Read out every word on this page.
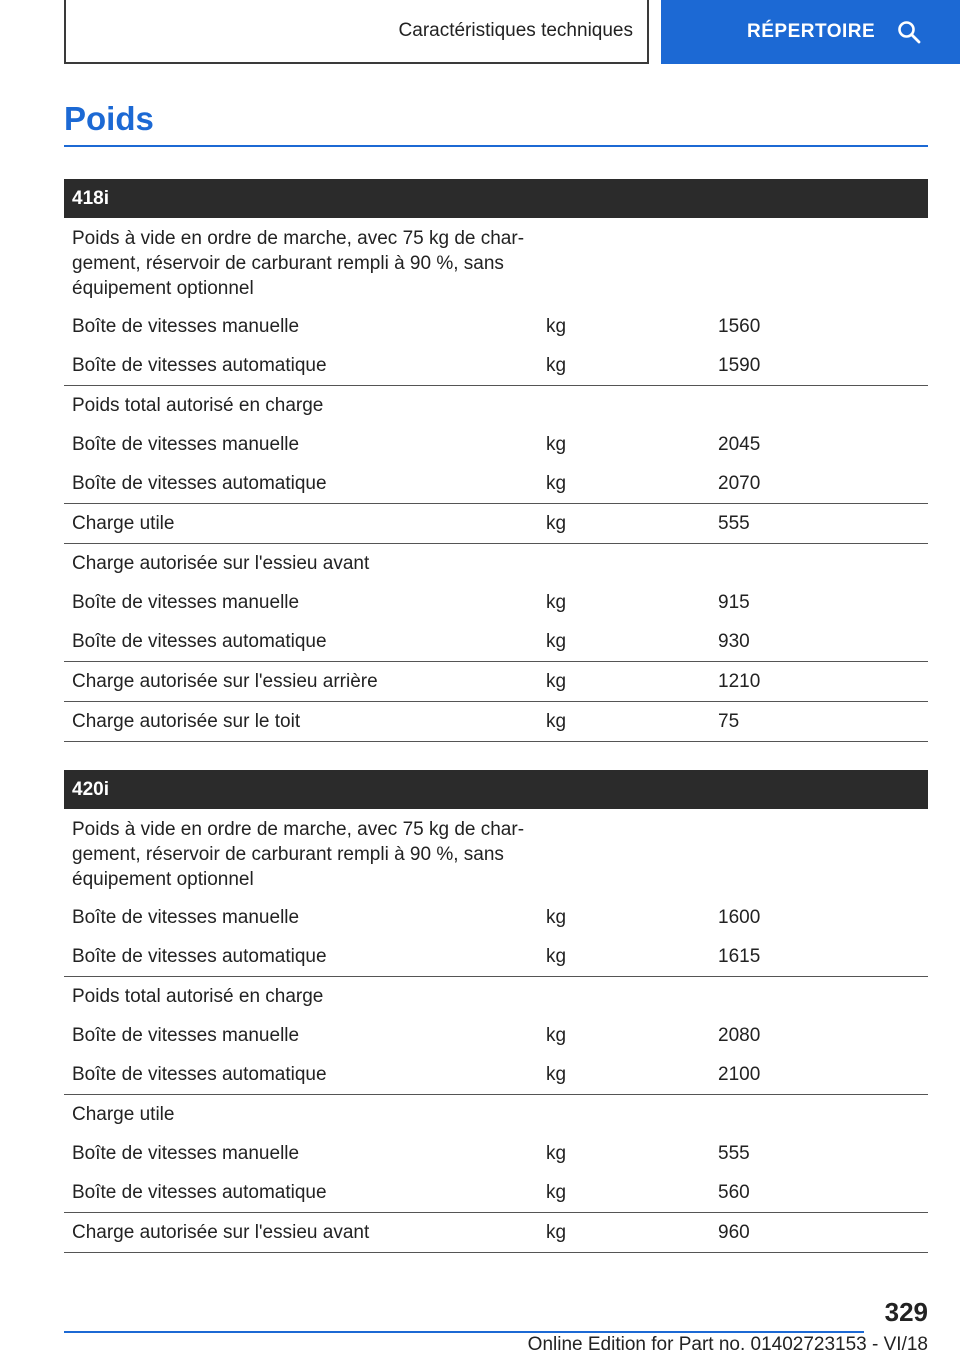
Caractéristiques techniques	RÉPERTOIRE
Poids
418i
Poids à vide en ordre de marche, avec 75 kg de char- gement, réservoir de carburant rempli à 90 %, sans équipement optionnel
Boîte de vitesses manuelle	kg	1560
Boîte de vitesses automatique	kg	1590
Poids total autorisé en charge
Boîte de vitesses manuelle	kg	2045
Boîte de vitesses automatique	kg	2070
Charge utile	kg	555
Charge autorisée sur l'essieu avant
Boîte de vitesses manuelle	kg	915
Boîte de vitesses automatique	kg	930
Charge autorisée sur l'essieu arrière	kg	1210
Charge autorisée sur le toit	kg	75
420i
Poids à vide en ordre de marche, avec 75 kg de char- gement, réservoir de carburant rempli à 90 %, sans équipement optionnel
Boîte de vitesses manuelle	kg	1600
Boîte de vitesses automatique	kg	1615
Poids total autorisé en charge
Boîte de vitesses manuelle	kg	2080
Boîte de vitesses automatique	kg	2100
Charge utile
Boîte de vitesses manuelle	kg	555
Boîte de vitesses automatique	kg	560
Charge autorisée sur l'essieu avant	kg	960
329
Online Edition for Part no. 01402723153 - VI/18
